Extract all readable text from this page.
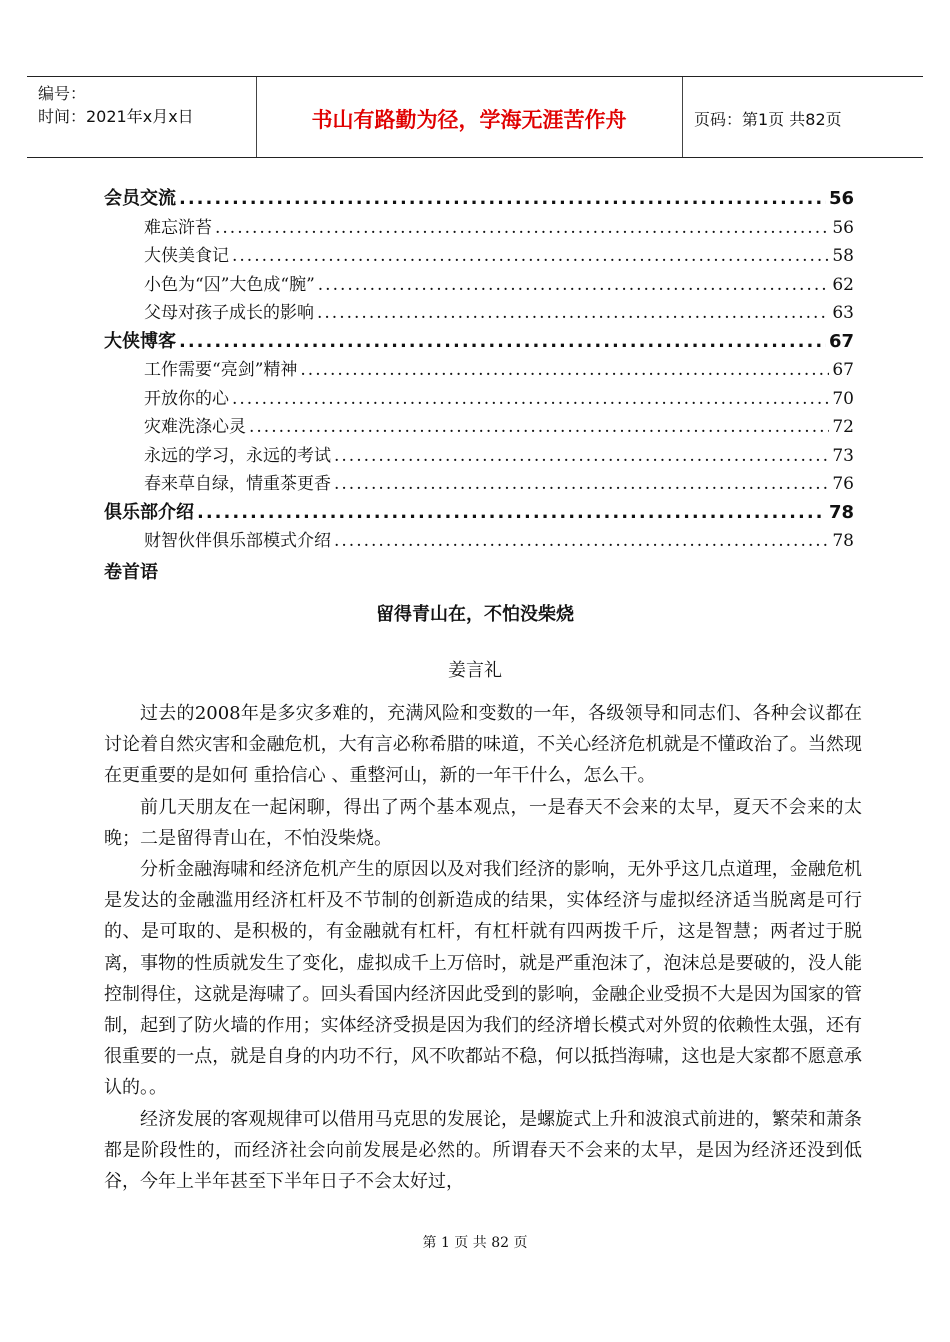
编号：
时间：2021年x月x日	书山有路勤为径，学海无涯苦作舟	页码：第1页 共82页
会员交流 .....	56
难忘浒苔 .....	56
大侠美食记 .....	58
小色为“囚”大色成“腕” .....	62
父母对孩子成长的影响 .....	63
大侠博客 .....	67
工作需要“亮剑”精神 .....	67
开放你的心 .....	70
灾难洗涤心灵 .....	72
永远的学习，永远的考试 .....	73
春来草自绿，情重茶更香 .....	76
俱乐部介绍 .....	78
财智伙伴俱乐部模式介绍 .....	78
卷首语
留得青山在，不怕没柴烧
姜言礼

过去的2008年是多灾多难的，充满风险和变数的一年，各级领导和同志们、各种会议都在讨论着自然灾害和金融危机，大有言必称希腊的味道，不关心经济危机就是不懂政治了。当然现在更重要的是如何 重拾信心 、重整河山，新的一年干什么，怎么干。

前几天朋友在一起闲聊，得出了两个基本观点，一是春天不会来的太早，夏天不会来的太晚；二是留得青山在，不怕没柴烧。

分析金融海啸和经济危机产生的原因以及对我们经济的影响，无外乎这几点道理，金融危机是发达的金融滥用经济杠杆及不节制的创新造成的结果，实体经济与虚拟经济适当脱离是可行的、是可取的、是积极的，有金融就有杠杆，有杠杆就有四两拨千斤，这是智慧；两者过于脱离，事物的性质就发生了变化，虚拟成千上万倍时，就是严重泡沫了，泡沫总是要破的，没人能控制得住，这就是海啸了。回头看国内经济因此受到的影响，金融企业受损不大是因为国家的管制，起到了防火墙的作用；实体经济受损是因为我们的经济增长模式对外贸的依赖性太强，还有很重要的一点，就是自身的内功不行，风不吹都站不稳，何以抵挡海啸，这也是大家都不愿意承认的。。

经济发展的客观规律可以借用马克思的发展论，是螺旋式上升和波浪式前进的，繁荣和萧条都是阶段性的，而经济社会向前发展是必然的。所谓春天不会来的太早，是因为经济还没到低谷，今年上半年甚至下半年日子不会太好过，

第 1 页 共 82 页
